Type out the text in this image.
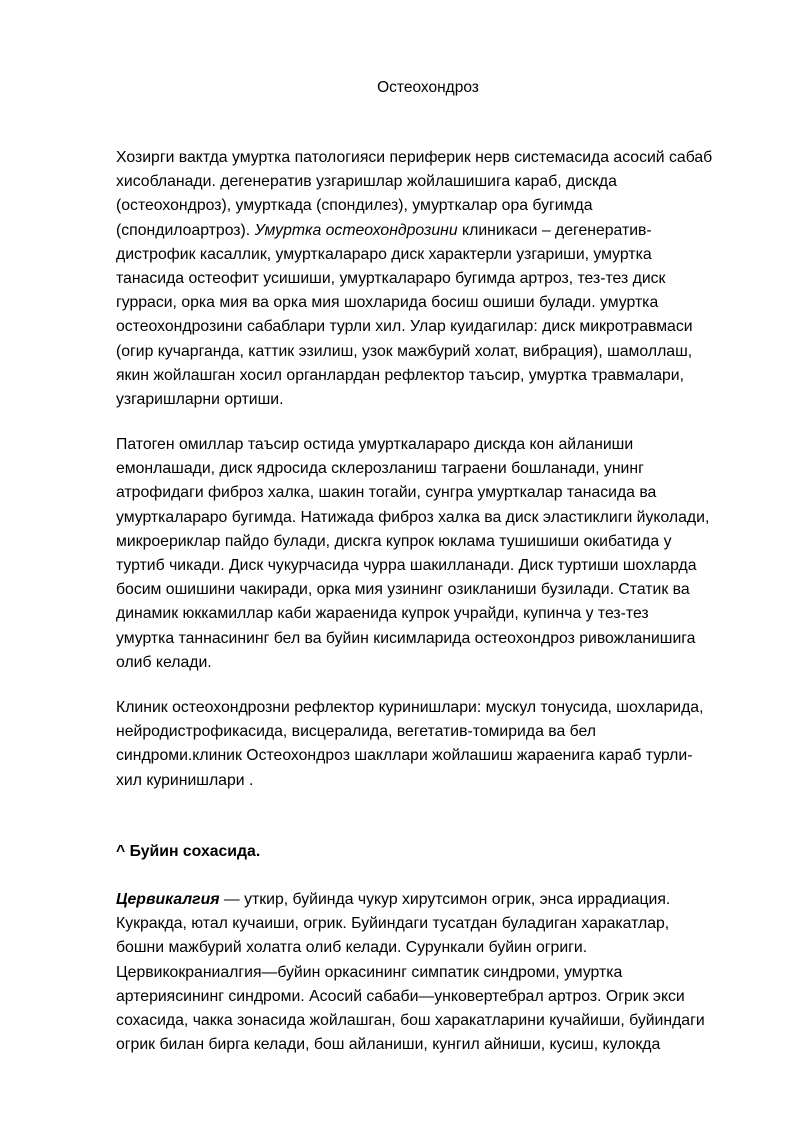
Остеохондроз

Хозирги вактда умуртка патологияси периферик нерв системасида асосий сабаб
хисобланади. дегенератив узгаришлар жойлашишига караб, дискда
(остеохондроз), умурткада (спондилез), умурткалар ора бугимда
(спондилоартроз). Умуртка остеохондрозини клиникаси – дегенератив-
дистрофик касаллик, умурткалараро диск характерли узгариши, умуртка
танасида остеофит усишиши, умурткалараро бугимда артроз, тез-тез диск
гурраси, орка мия ва орка мия шохларида босиш ошиши булади. умуртка
остеохондрозини сабаблари турли хил. Улар куидагилар: диск микротравмаси
(огир кучарганда, каттик эзилиш, узок мажбурий холат, вибрация), шамоллаш,
якин жойлашган хосил органлардан рефлектор таъсир, умуртка травмалари,
узгаришларни ортиши.

Патоген омиллар таъсир остида умурткалараро дискда кон айланиши
емонлашади, диск ядросида склерозланиш таграени бошланади, унинг
атрофидаги фиброз халка, шакин тогайи, сунгра умурткалар танасида ва
умурткалараро бугимда. Натижада фиброз халка ва диск эластиклиги йуколади,
микроериклар пайдо булади, дискга купрок юклама тушишиши окибатида у
туртиб чикади. Диск чукурчасида чурра шакилланади. Диск туртиши шохларда
босим ошишини чакиради, орка мия узининг озикланиши бузилади. Статик ва
динамик юккамиллар каби жараенида купрок учрайди, купинча у тез-тез
умуртка таннасининг бел ва буйин кисимларида остеохондроз ривожланишига
олиб келади.

Клиник остеохондрозни рефлектор куринишлари: мускул тонусида, шохларида,
нейродистрофикасида, висцералида, вегетатив-томирида ва бел
синдроми.клиник Остеохондроз шакллари жойлашиш жараенига караб турли-
хил куринишлари .

^ Буйин сохасида.

Цервикалгия — уткир, буйинда чукур хирутсимон огрик, энса иррадиация.
Кукракда, ютал кучаиши, огрик. Буйиндаги тусатдан буладиган харакатлар,
бошни мажбурий холатга олиб келади. Сурункали буйин огриги.
Цервикокраниалгия—буйин оркасининг симпатик синдроми, умуртка
артериясининг синдроми. Асосий сабаби—унковертебрал артроз. Огрик экси
сохасида, чакка зонасида жойлашган, бош харакатларини кучайиши, буйиндаги
огрик билан бирга келади, бош айланиши, кунгил айниши, кусиш, кулокда
